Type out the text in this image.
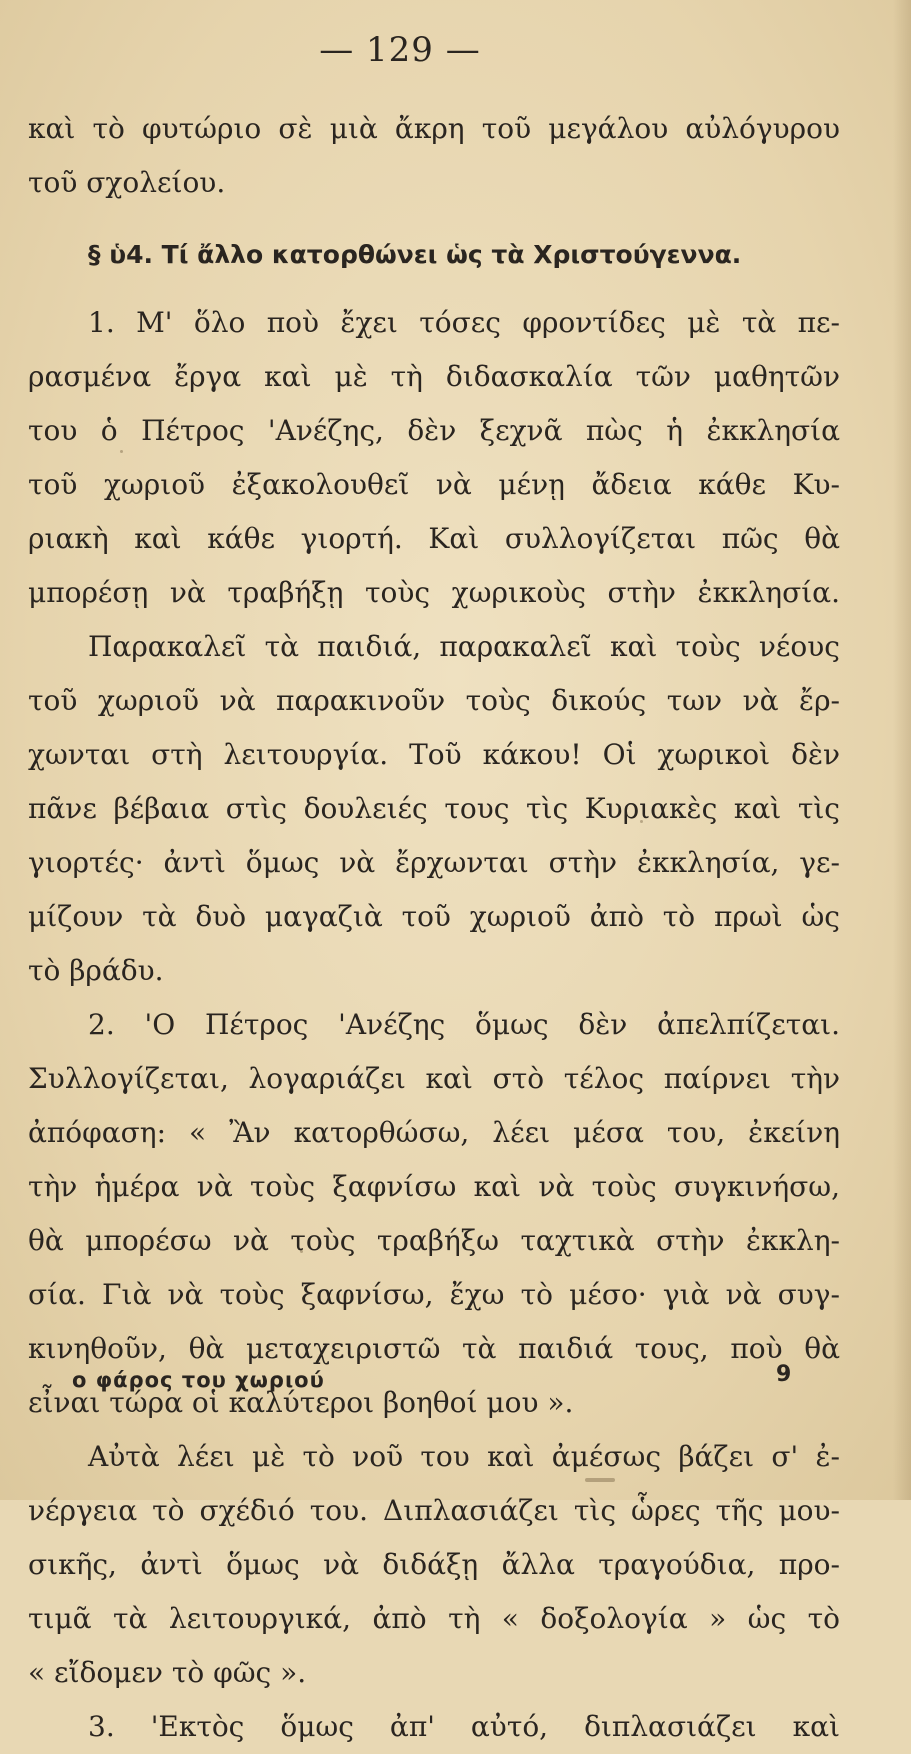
— 129 —
καὶ τὸ φυτώριο σὲ μιὰ ἄκρη τοῦ μεγάλου αὐλόγυρου
τοῦ σχολείου.
§ ὑ4. Τί ἄλλο κατορθώνει ὡς τὰ Χριστούγεννα.
1. Μ' ὅλο ποὺ ἔχει τόσες φροντίδες μὲ τὰ πε-
ρασμένα ἔργα καὶ μὲ τὴ διδασκαλία τῶν μαθητῶν
του ὁ Πέτρος 'Ανέζης, δὲν ξεχνᾶ πὼς ἡ ἐκκλησία
τοῦ χωριοῦ ἐξακολουθεῖ νὰ μένῃ ἄδεια κάθε Κυ-
ριακὴ καὶ κάθε γιορτή. Καὶ συλλογίζεται πῶς θὰ
μπορέσῃ νὰ τραβήξῃ τοὺς χωρικοὺς στὴν ἐκκλησία.
Παρακαλεῖ τὰ παιδιά, παρακαλεῖ καὶ τοὺς νέους
τοῦ χωριοῦ νὰ παρακινοῦν τοὺς δικούς των νὰ ἔρ-
χωνται στὴ λειτουργία. Τοῦ κάκου! Οἱ χωρικοὶ δὲν
πᾶνε βέβαια στὶς δουλειές τους τὶς Κυριακὲς καὶ τὶς
γιορτές· ἀντὶ ὅμως νὰ ἔρχωνται στὴν ἐκκλησία, γε-
μίζουν τὰ δυὸ μαγαζιὰ τοῦ χωριοῦ ἀπὸ τὸ πρωὶ ὡς
τὸ βράδυ.
2. 'Ο Πέτρος 'Ανέζης ὅμως δὲν ἀπελπίζεται.
Συλλογίζεται, λογαριάζει καὶ στὸ τέλος παίρνει τὴν
ἀπόφαση: « Ἂν κατορθώσω, λέει μέσα του, ἐκείνη
τὴν ἡμέρα νὰ τοὺς ξαφνίσω καὶ νὰ τοὺς συγκινήσω,
θὰ μπορέσω νὰ τοὺς τραβήξω ταχτικὰ στὴν ἐκκλη-
σία. Γιὰ νὰ τοὺς ξαφνίσω, ἔχω τὸ μέσο· γιὰ νὰ συγ-
κινηθοῦν, θὰ μεταχειριστῶ τὰ παιδιά τους, ποὺ θὰ
εἶναι τώρα οἱ καλύτεροι βοηθοί μου ».
Αὐτὰ λέει μὲ τὸ νοῦ του καὶ ἀμέσως βάζει σ' ἐ-
νέργεια τὸ σχέδιό του. Διπλασιάζει τὶς ὧρες τῆς μου-
σικῆς, ἀντὶ ὅμως νὰ διδάξῃ ἄλλα τραγούδια, προ-
τιμᾶ τὰ λειτουργικά, ἀπὸ τὴ « δοξολογία » ὡς τὸ
« εἴδομεν τὸ φῶς ».
3. 'Εκτὸς ὅμως ἀπ' αὐτό, διπλασιάζει καὶ
ο φάρος του χωριού	9
